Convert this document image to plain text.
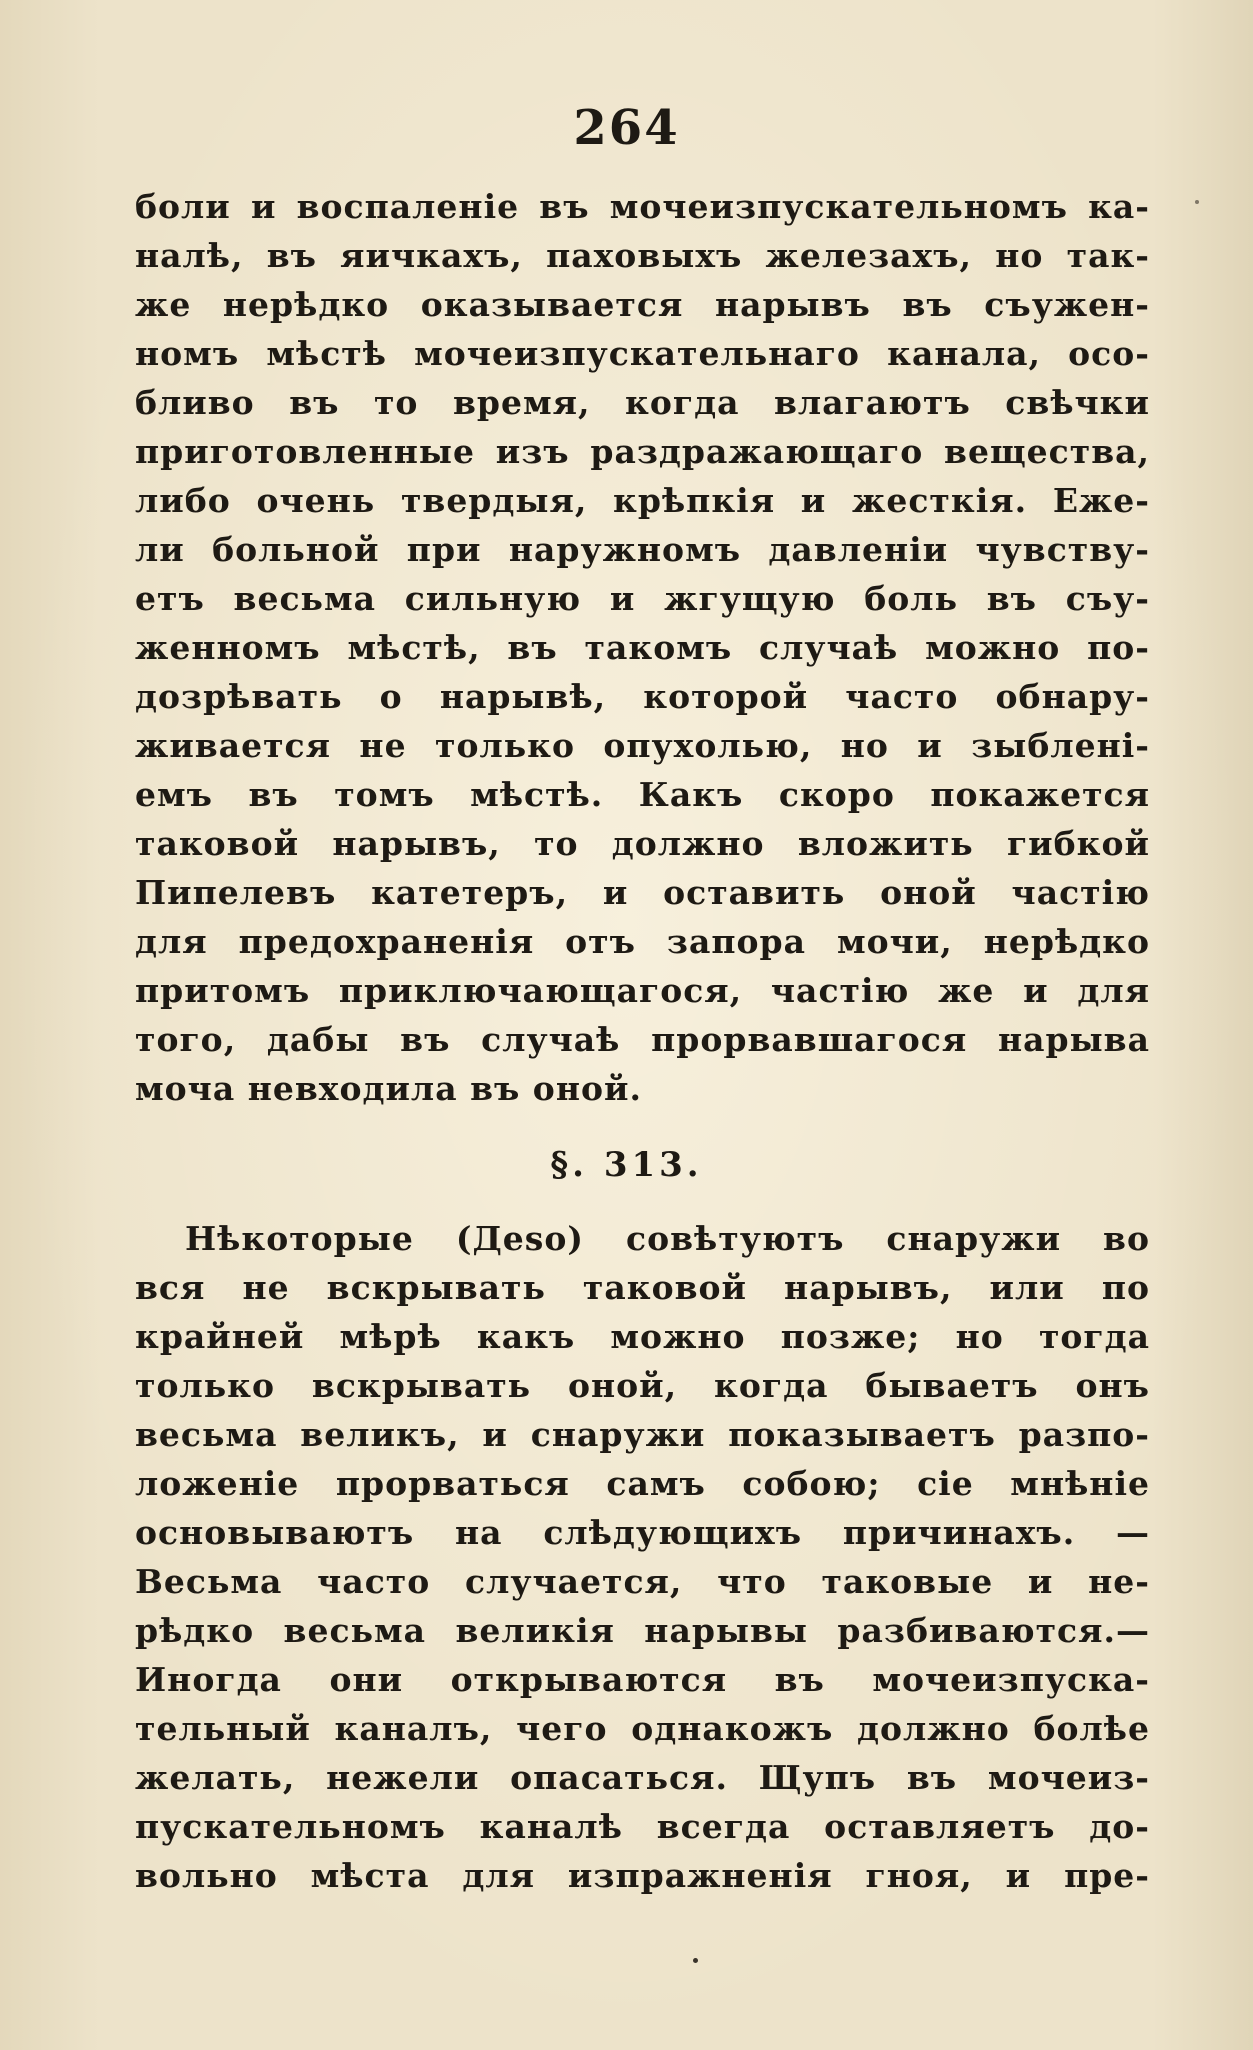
264
боли и воспаленіе въ мочеизпускательномъ ка-
налѣ, въ яичкахъ, паховыхъ железахъ, но так-
же нерѣдко оказывается нарывъ въ съужен-
номъ мѣстѣ мочеизпускательнаго канала, осо-
бливо въ то время, когда влагаютъ свѣчки
приготовленные изъ раздражающаго вещества,
либо очень твердыя, крѣпкія и жесткія. Еже-
ли больной при наружномъ давленіи чувству-
етъ весьма сильную и жгущую боль въ съу-
женномъ мѣстѣ, въ такомъ случаѣ можно по-
дозрѣвать о нарывѣ, которой часто обнару-
живается не только опухолью, но и зыбленi-
емъ въ томъ мѣстѣ. Какъ скоро покажется
таковой нарывъ, то должно вложить гибкой
Пипелевъ катетеръ, и оставить оной частію
для предохраненія отъ запора мочи, нерѣдко
притомъ приключающагося, частію же и для
того, дабы въ случаѣ прорвавшагося нарыва
моча невходила въ оной.
§. 313.
Нѣкоторые (Деso) совѣтуютъ снаружи во
вся не вскрывать таковой нарывъ, или по
крайней мѣрѣ какъ можно позже; но тогда
только вскрывать оной, когда бываетъ онъ
весьма великъ, и снаружи показываетъ разпо-
ложеніе прорваться самъ собою; сіе мнѣніе
основываютъ на слѣдующихъ причинахъ. —
Весьма часто случается, что таковые и не-
рѣдко весьма великія нарывы разбиваются.—
Иногда они открываются въ мочеизпуска-
тельный каналъ, чего однакожъ должно болѣе
желать, нежели опасаться. Щупъ въ мочеиз-
пускательномъ каналѣ всегда оставляетъ до-
вольно мѣста для изпражненія гноя, и пре-
